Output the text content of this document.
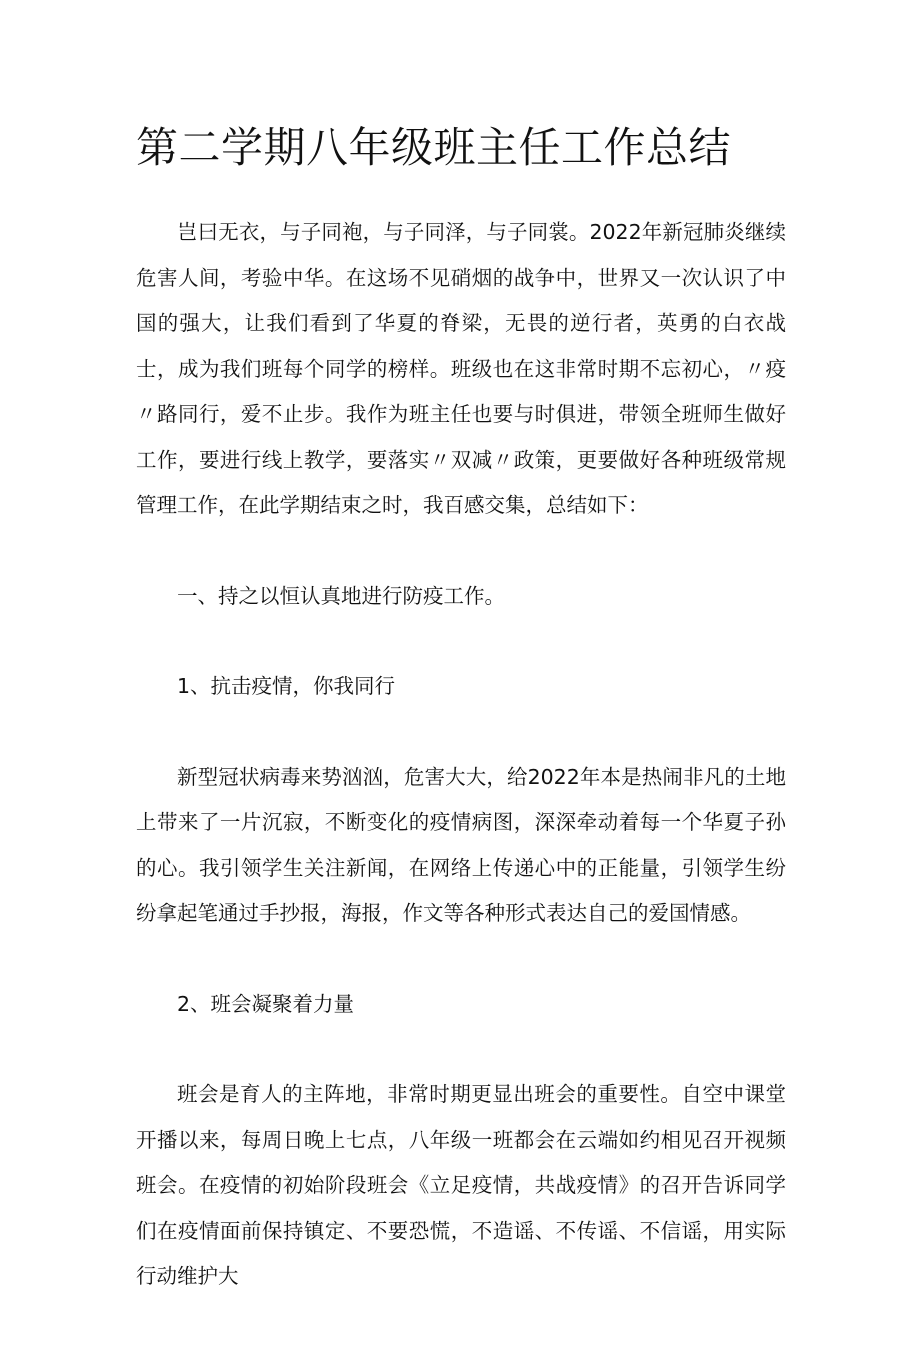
第二学期八年级班主任工作总结

岂曰无衣，与子同袍，与子同泽，与子同裳。2022年新冠肺炎继续危害人间，考验中华。在这场不见硝烟的战争中，世界又一次认识了中国的强大，让我们看到了华夏的脊梁，无畏的逆行者，英勇的白衣战士，成为我们班每个同学的榜样。班级也在这非常时期不忘初心，〃疫〃路同行，爱不止步。我作为班主任也要与时俱进，带领全班师生做好工作，要进行线上教学，要落实〃双减〃政策，更要做好各种班级常规管理工作，在此学期结束之时，我百感交集，总结如下：

一、持之以恒认真地进行防疫工作。

1、抗击疫情，你我同行

新型冠状病毒来势汹汹，危害大大，给2022年本是热闹非凡的土地上带来了一片沉寂，不断变化的疫情病图，深深牵动着每一个华夏子孙的心。我引领学生关注新闻，在网络上传递心中的正能量，引领学生纷纷拿起笔通过手抄报，海报，作文等各种形式表达自己的爱国情感。

2、班会凝聚着力量

班会是育人的主阵地，非常时期更显出班会的重要性。自空中课堂开播以来，每周日晚上七点，八年级一班都会在云端如约相见召开视频班会。在疫情的初始阶段班会《立足疫情，共战疫情》的召开告诉同学们在疫情面前保持镇定、不要恐慌，不造谣、不传谣、不信谣，用实际行动维护大
